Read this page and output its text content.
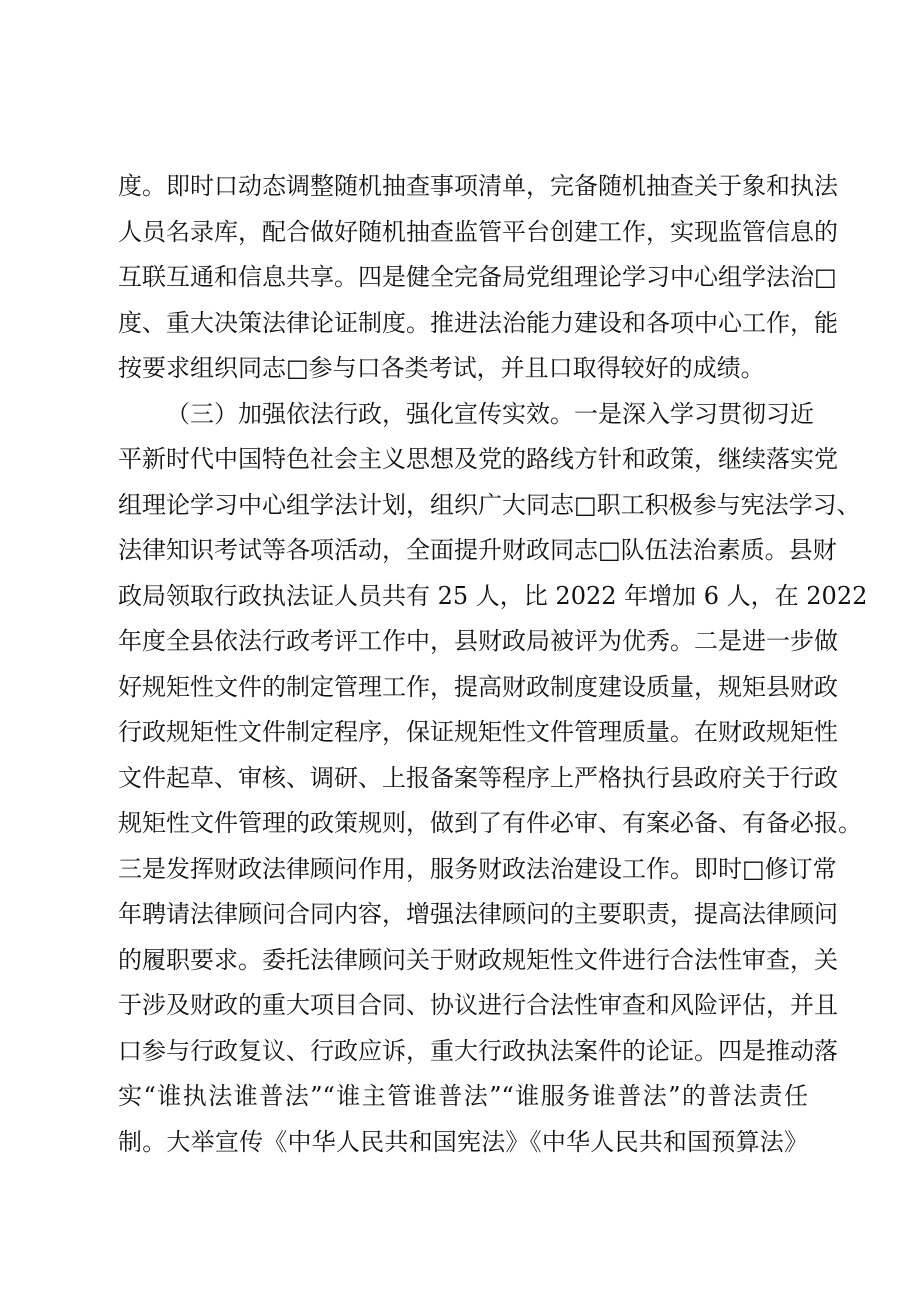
度。即时口动态调整随机抽查事项清单，完备随机抽查关于象和执法
人员名录库，配合做好随机抽查监管平台创建工作，实现监管信息的
互联互通和信息共享。四是健全完备局党组理论学习中心组学法治□
度、重大决策法律论证制度。推进法治能力建设和各项中心工作，能
按要求组织同志□参与口各类考试，并且口取得较好的成绩。
（三）加强依法行政，强化宣传实效。一是深入学习贯彻习近
平新时代中国特色社会主义思想及党的路线方针和政策，继续落实党
组理论学习中心组学法计划，组织广大同志□职工积极参与宪法学习、
法律知识考试等各项活动，全面提升财政同志□队伍法治素质。县财
政局领取行政执法证人员共有 25 人，比 2022 年增加 6 人，在 2022
年度全县依法行政考评工作中，县财政局被评为优秀。二是进一步做
好规矩性文件的制定管理工作，提高财政制度建设质量，规矩县财政
行政规矩性文件制定程序，保证规矩性文件管理质量。在财政规矩性
文件起草、审核、调研、上报备案等程序上严格执行县政府关于行政
规矩性文件管理的政策规则，做到了有件必审、有案必备、有备必报。
三是发挥财政法律顾问作用，服务财政法治建设工作。即时□修订常
年聘请法律顾问合同内容，增强法律顾问的主要职责，提高法律顾问
的履职要求。委托法律顾问关于财政规矩性文件进行合法性审查，关
于涉及财政的重大项目合同、协议进行合法性审查和风险评估，并且
口参与行政复议、行政应诉，重大行政执法案件的论证。四是推动落
实“谁执法谁普法”“谁主管谁普法”“谁服务谁普法”的普法责任
制。大举宣传《中华人民共和国宪法》《中华人民共和国预算法》
